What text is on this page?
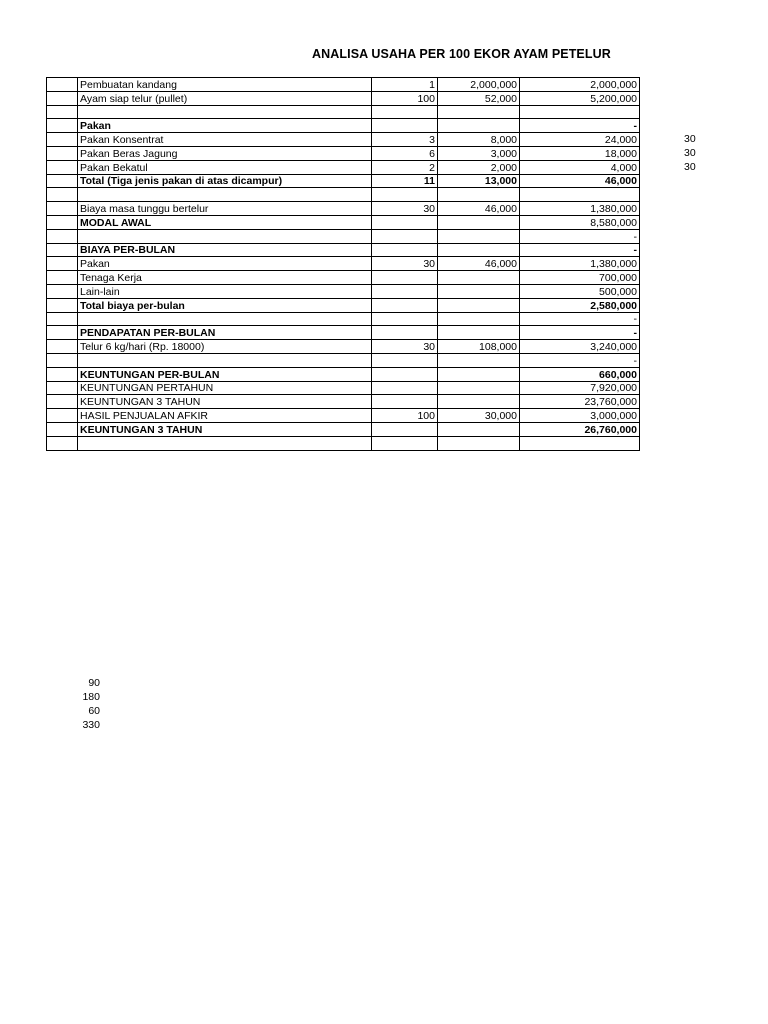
ANALISA USAHA PER 100 EKOR AYAM PETELUR
	Pembuatan kandang	1	2,000,000	2,000,000
	Ayam siap telur (pullet)	100	52,000	5,200,000

	Pakan			-
	Pakan Konsentrat	3	8,000	24,000
	Pakan Beras Jagung	6	3,000	18,000
	Pakan Bekatul	2	2,000	4,000
	Total (Tiga jenis pakan di atas dicampur)	11	13,000	46,000

	Biaya masa tunggu bertelur	30	46,000	1,380,000
	MODAL AWAL			8,580,000
				-
	BIAYA PER-BULAN			-
	Pakan	30	46,000	1,380,000
	Tenaga Kerja			700,000
	Lain-lain			500,000
	Total biaya per-bulan			2,580,000
				-
	PENDAPATAN PER-BULAN			-
	Telur 6 kg/hari (Rp. 18000)	30	108,000	3,240,000
				-
	KEUNTUNGAN PER-BULAN			660,000
	KEUNTUNGAN PERTAHUN			7,920,000
	KEUNTUNGAN 3 TAHUN			23,760,000
	HASIL PENJUALAN AFKIR	100	30,000	3,000,000
	KEUNTUNGAN 3 TAHUN			26,760,000

30
30
30
90
180
60
330
